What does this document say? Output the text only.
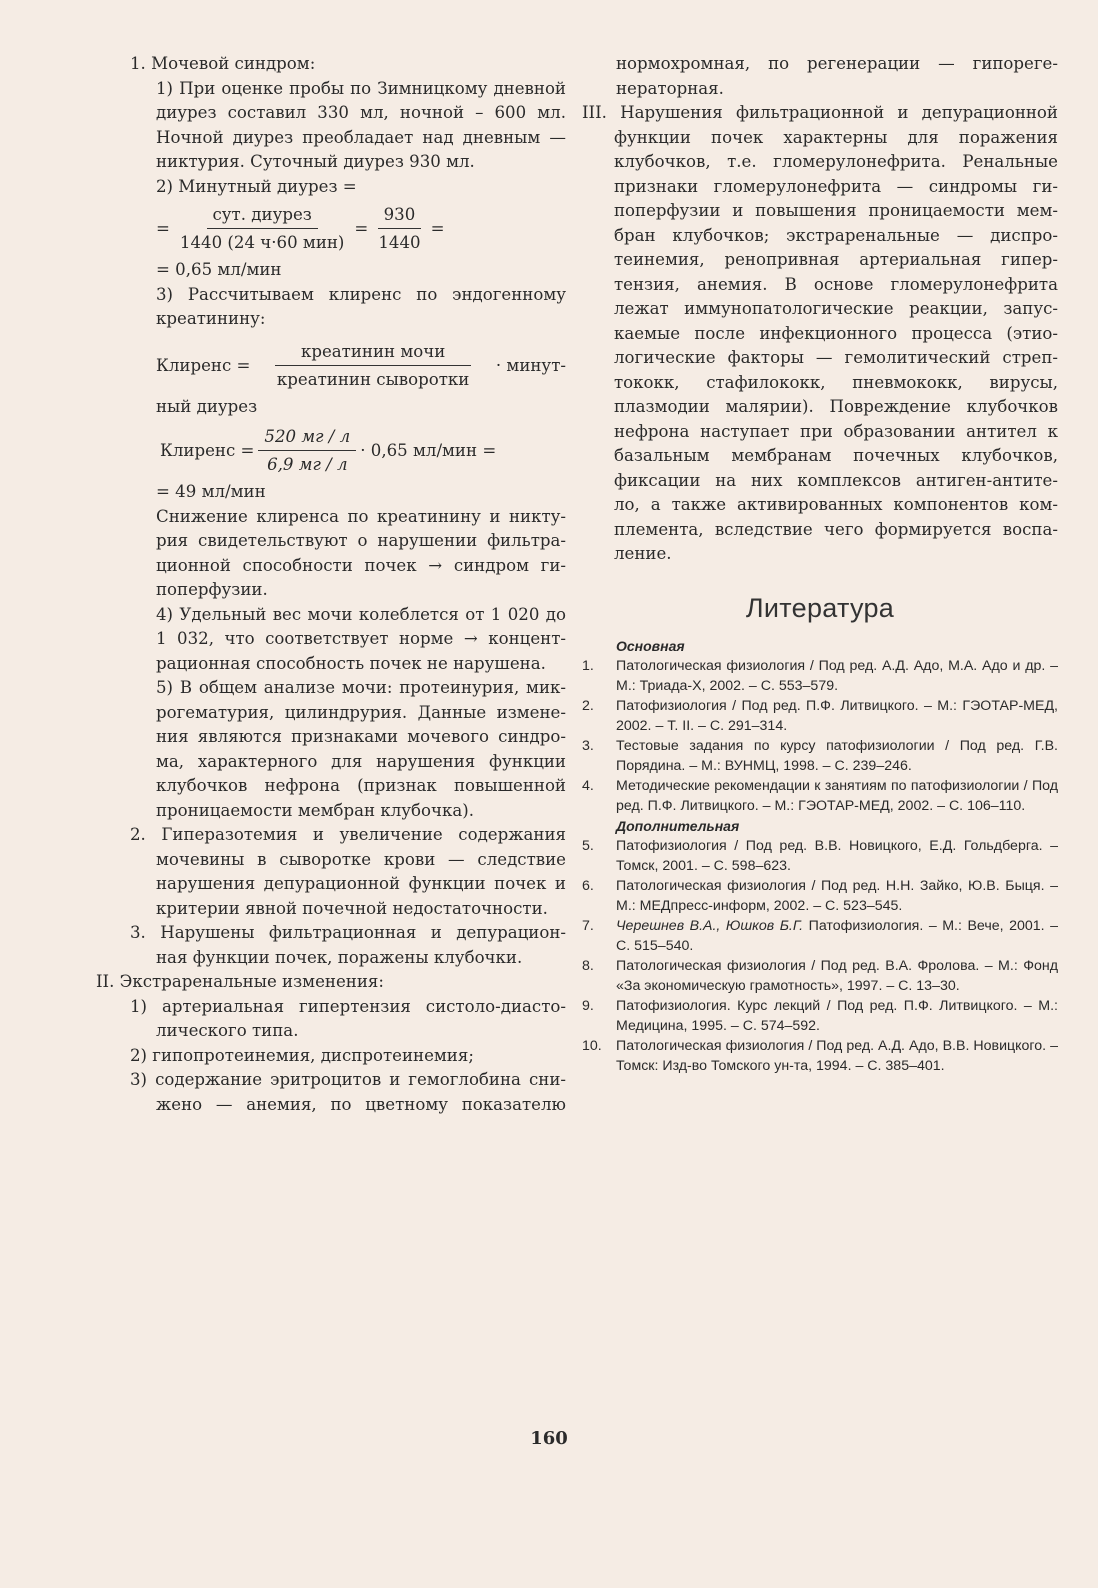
1. Мочевой синдром:
1) При оценке пробы по Зимницкому дневной
диурез составил 330 мл, ночной – 600 мл.
Ночной диурез преобладает над дневным —
никтурия. Суточный диурез 930 мл.
2) Минутный диурез =
= $\frac{\text{сут. диурез}}{\text{1440 (24 ч·60 мин)}} = \frac{930}{1440}$ =
= 0,65 мл/мин
3) Рассчитываем клиренс по эндогенному
креатинину:
Клиренс = $\frac{\text{креатинин мочи}}{\text{креатинин сыворотки}}$ · минут-
ный диурез
Клиренс = $\frac{520 мг / л}{6,9 мг / л} \cdot 0,65$ мл/мин =
= 49 мл/мин
Снижение клиренса по креатинину и никту-
рия свидетельствуют о нарушении фильтра-
ционной способности почек → синдром ги-
поперфузии.
4) Удельный вес мочи колеблется от 1 020 до
1 032, что соответствует норме → концент-
рационная способность почек не нарушена.
5) В общем анализе мочи: протеинурия, мик-
рогематурия, цилиндрурия. Данные измене-
ния являются признаками мочевого синдро-
ма, характерного для нарушения функции
клубочков нефрона (признак повышенной
проницаемости мембран клубочка).
2. Гиперазотемия и увеличение содержания
мочевины в сыворотке крови — следствие
нарушения депурационной функции почек и
критерии явной почечной недостаточности.
3. Нарушены фильтрационная и депурацион-
ная функции почек, поражены клубочки.
II. Экстраренальные изменения:
1) артериальная гипертензия систоло-диасто-
лического типа.
2) гипопротеинемия, диспротеинемия;
3) содержание эритроцитов и гемоглобина сни-
жено — анемия, по цветному показателю
нормохромная, по регенерации — гипореге-
нераторная.
III. Нарушения фильтрационной и депурационной
функции почек характерны для поражения
клубочков, т.е. гломерулонефрита. Ренальные
признаки гломерулонефрита — синдромы ги-
поперфузии и повышения проницаемости мем-
бран клубочков; экстраренальные — диспро-
теинемия, ренопривная артериальная гипер-
тензия, анемия. В основе гломерулонефрита
лежат иммунопатологические реакции, запус-
каемые после инфекционного процесса (этио-
логические факторы — гемолитический стреп-
тококк, стафилококк, пневмококк, вирусы,
плазмодии малярии). Повреждение клубочков
нефрона наступает при образовании антител к
базальным мембранам почечных клубочков,
фиксации на них комплексов антиген-антите-
ло, а также активированных компонентов ком-
племента, вследствие чего формируется воспа-
ление.
Литература
Основная
1.	Патологическая физиология / Под ред. А.Д. Адо, М.А. Адо и др. – М.: Триада-Х, 2002. – С. 553–579.
2.	Патофизиология / Под ред. П.Ф. Литвицкого. – М.: ГЭОТАР-МЕД, 2002. – Т. II. – С. 291–314.
3.	Тестовые задания по курсу патофизиологии / Под ред. Г.В. Порядина. – М.: ВУНМЦ, 1998. – С. 239–246.
4.	Методические рекомендации к занятиям по патофизиологии / Под ред. П.Ф. Литвицкого. – М.: ГЭОТАР-МЕД, 2002. – С. 106–110.
Дополнительная
5.	Патофизиология / Под ред. В.В. Новицкого, Е.Д. Гольдберга. – Томск, 2001. – С. 598–623.
6.	Патологическая физиология / Под ред. Н.Н. Зайко, Ю.В. Быця. – М.: МЕДпресс-информ, 2002. – С. 523–545.
7.	Черешнев В.А., Юшков Б.Г. Патофизиология. – М.: Вече, 2001. – С. 515–540.
8.	Патологическая физиология / Под ред. В.А. Фролова. – М.: Фонд «За экономическую грамотность», 1997. – С. 13–30.
9.	Патофизиология. Курс лекций / Под ред. П.Ф. Литвицкого. – М.: Медицина, 1995. – С. 574–592.
10.	Патологическая физиология / Под ред. А.Д. Адо, В.В. Новицкого. – Томск: Изд-во Томского ун-та, 1994. – С. 385–401.
160
